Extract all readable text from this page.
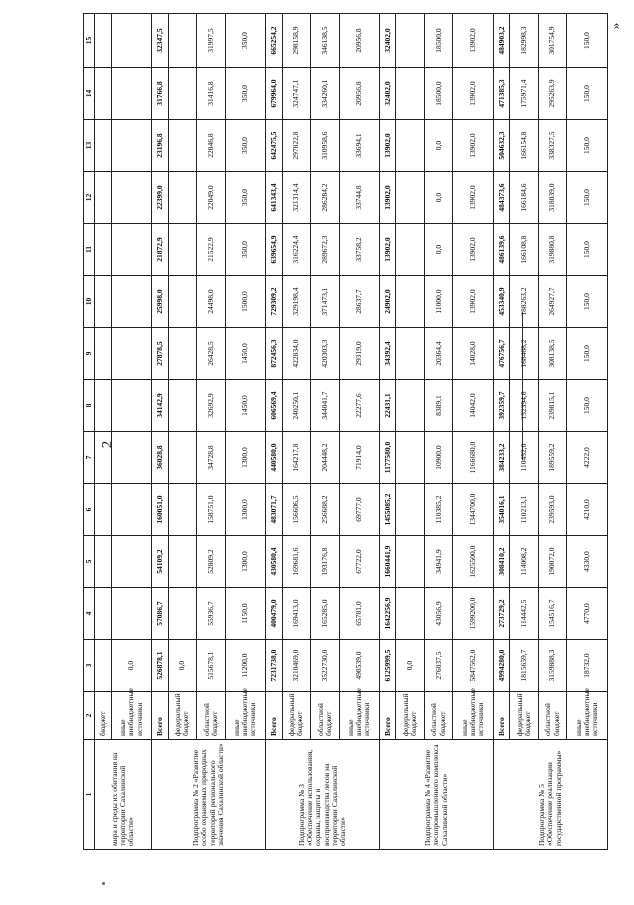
2
»
1	2	3	4	5	6	7	8	9	10	11	12	13	14	15
мира и среды их обитания на территории Сахалинской области»	бюджет													
	иные внебюджетные источники	0,0												
Подпрограмма № 2 «Развитие особо охраняемых природных территорий регионального значения Сахалинской области»	Всего	526878,1	57086,7	54109,2	160051,0	36028,8	34142,9	27878,5	25998,0	21872,9	22399,0	23196,8	31766,8	32347,5
	федеральный бюджет	0,0												
	областной бюджет	515678,1	55936,7	52809,2	158751,0	34728,8	32692,9	26428,5	24498,0	21522,9	22049,0	22846,8	31416,8	31997,5
	иные внебюджетные источники	11200,0	1150,0	1300,0	1300,0	1300,0	1450,0	1450,0	1500,0	350,0	350,0	350,0	350,0	350,0
Подпрограмма № 3 «Обеспечение использования, охраны, защиты и воспроизводства лесов на территории Сахалинской области»	Всего	7231738,0	400479,0	430580,4	483071,7	440580,0	606569,4	872456,3	729309,2	639654,9	641343,4	642475,5	679964,0	665254,2
	федеральный бюджет	3210469,0	169413,0	169681,6	156606,5	164217,8	240250,1	422834,0	329198,4	316224,4	321314,4	297822,8	324747,1	298158,9
	областной бюджет	3522730,0	165285,0	193176,8	256688,2	204448,2	344041,7	420303,3	371473,1	289672,3	286284,2	310958,6	334260,1	346138,5
	иные внебюджетные источники	498539,0	65781,0	67722,0	69777,0	71914,0	22277,6	29319,0	28637,7	33758,2	33744,8	33694,1	20956,8	20956,8
Подпрограмма № 4 «Развитие лесопромышленного комплекса Сахалинской области»	Всего	6125999,5	1642256,9	1660441,9	1455085,2	1177580,0	22431,1	34392,4	24902,0	13902,0	13902,0	13902,0	32402,0	32402,0
	федеральный бюджет	0,0												
	областной бюджет	276037,5	43056,9	34941,9	110385,2	10900,0	8389,1	20364,4	11000,0	0,0	0,0	0,0	18500,0	18500,0
	иные внебюджетные источники	5847562,0	1599200,0	1625500,0	1344700,0	1166680,0	14042,0	14028,0	13902,0	13902,0	13902,0	13902,0	13902,0	13902,0
Подпрограмма № 5 «Обеспечение реализации государственной программы»	Всего	4994280,0	273729,2	308410,2	354016,1	384233,2	392359,7	476756,7	453340,9	486139,6	484373,6	504632,3	471385,3	484903,2
	федеральный бюджет	1815659,7	114442,5	114008,2	110213,1	110452,0	152394,6	168468,2	188263,2	166108,8	166184,6	166154,8	175971,4	182998,3
	областной бюджет	3159888,3	154516,7	190072,0	239593,0	189559,2	239815,1	308138,5	264927,7	319880,8	318039,0	338327,5	295263,9	301754,9
	иные внебюджетные источники	18732,0	4770,0	4330,0	4210,0	4222,0	150,0	150,0	150,0	150,0	150,0	150,0	150,0	150,0
